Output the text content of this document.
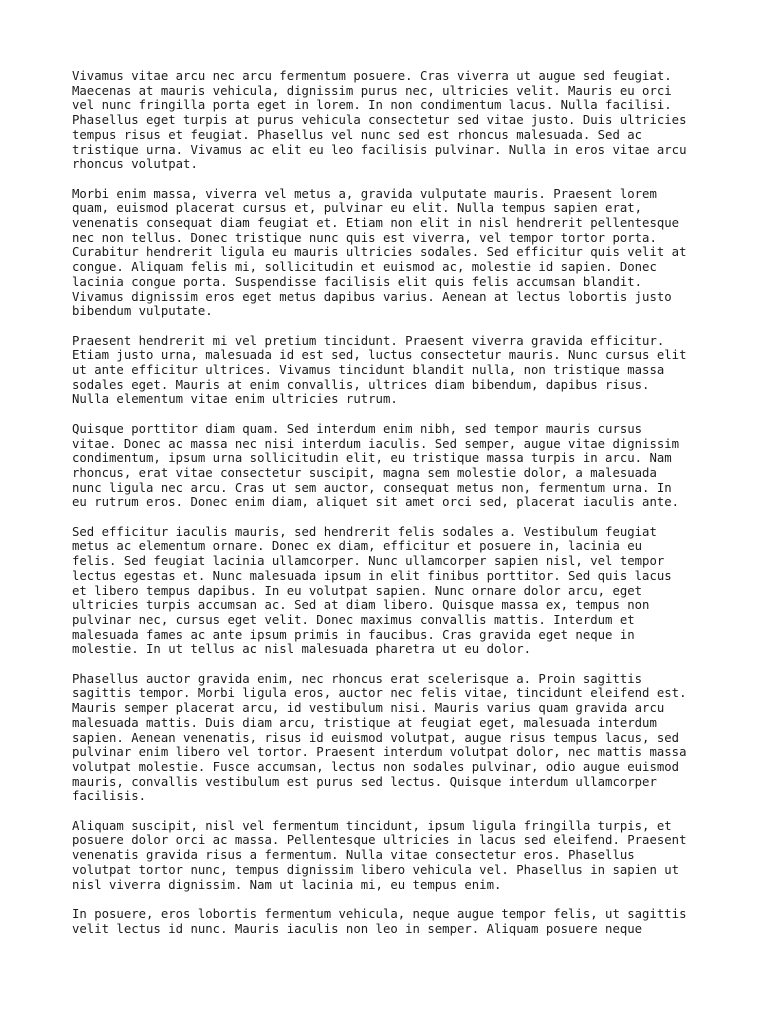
Vivamus vitae arcu nec arcu fermentum posuere. Cras viverra ut augue sed feugiat.
Maecenas at mauris vehicula, dignissim purus nec, ultricies velit. Mauris eu orci
vel nunc fringilla porta eget in lorem. In non condimentum lacus. Nulla facilisi.
Phasellus eget turpis at purus vehicula consectetur sed vitae justo. Duis ultricies
tempus risus et feugiat. Phasellus vel nunc sed est rhoncus malesuada. Sed ac
tristique urna. Vivamus ac elit eu leo facilisis pulvinar. Nulla in eros vitae arcu
rhoncus volutpat.

Morbi enim massa, viverra vel metus a, gravida vulputate mauris. Praesent lorem
quam, euismod placerat cursus et, pulvinar eu elit. Nulla tempus sapien erat,
venenatis consequat diam feugiat et. Etiam non elit in nisl hendrerit pellentesque
nec non tellus. Donec tristique nunc quis est viverra, vel tempor tortor porta.
Curabitur hendrerit ligula eu mauris ultricies sodales. Sed efficitur quis velit at
congue. Aliquam felis mi, sollicitudin et euismod ac, molestie id sapien. Donec
lacinia congue porta. Suspendisse facilisis elit quis felis accumsan blandit.
Vivamus dignissim eros eget metus dapibus varius. Aenean at lectus lobortis justo
bibendum vulputate.

Praesent hendrerit mi vel pretium tincidunt. Praesent viverra gravida efficitur.
Etiam justo urna, malesuada id est sed, luctus consectetur mauris. Nunc cursus elit
ut ante efficitur ultrices. Vivamus tincidunt blandit nulla, non tristique massa
sodales eget. Mauris at enim convallis, ultrices diam bibendum, dapibus risus.
Nulla elementum vitae enim ultricies rutrum.

Quisque porttitor diam quam. Sed interdum enim nibh, sed tempor mauris cursus
vitae. Donec ac massa nec nisi interdum iaculis. Sed semper, augue vitae dignissim
condimentum, ipsum urna sollicitudin elit, eu tristique massa turpis in arcu. Nam
rhoncus, erat vitae consectetur suscipit, magna sem molestie dolor, a malesuada
nunc ligula nec arcu. Cras ut sem auctor, consequat metus non, fermentum urna. In
eu rutrum eros. Donec enim diam, aliquet sit amet orci sed, placerat iaculis ante.

Sed efficitur iaculis mauris, sed hendrerit felis sodales a. Vestibulum feugiat
metus ac elementum ornare. Donec ex diam, efficitur et posuere in, lacinia eu
felis. Sed feugiat lacinia ullamcorper. Nunc ullamcorper sapien nisl, vel tempor
lectus egestas et. Nunc malesuada ipsum in elit finibus porttitor. Sed quis lacus
et libero tempus dapibus. In eu volutpat sapien. Nunc ornare dolor arcu, eget
ultricies turpis accumsan ac. Sed at diam libero. Quisque massa ex, tempus non
pulvinar nec, cursus eget velit. Donec maximus convallis mattis. Interdum et
malesuada fames ac ante ipsum primis in faucibus. Cras gravida eget neque in
molestie. In ut tellus ac nisl malesuada pharetra ut eu dolor.

Phasellus auctor gravida enim, nec rhoncus erat scelerisque a. Proin sagittis
sagittis tempor. Morbi ligula eros, auctor nec felis vitae, tincidunt eleifend est.
Mauris semper placerat arcu, id vestibulum nisi. Mauris varius quam gravida arcu
malesuada mattis. Duis diam arcu, tristique at feugiat eget, malesuada interdum
sapien. Aenean venenatis, risus id euismod volutpat, augue risus tempus lacus, sed
pulvinar enim libero vel tortor. Praesent interdum volutpat dolor, nec mattis massa
volutpat molestie. Fusce accumsan, lectus non sodales pulvinar, odio augue euismod
mauris, convallis vestibulum est purus sed lectus. Quisque interdum ullamcorper
facilisis.

Aliquam suscipit, nisl vel fermentum tincidunt, ipsum ligula fringilla turpis, et
posuere dolor orci ac massa. Pellentesque ultricies in lacus sed eleifend. Praesent
venenatis gravida risus a fermentum. Nulla vitae consectetur eros. Phasellus
volutpat tortor nunc, tempus dignissim libero vehicula vel. Phasellus in sapien ut
nisl viverra dignissim. Nam ut lacinia mi, eu tempus enim.

In posuere, eros lobortis fermentum vehicula, neque augue tempor felis, ut sagittis
velit lectus id nunc. Mauris iaculis non leo in semper. Aliquam posuere neque
